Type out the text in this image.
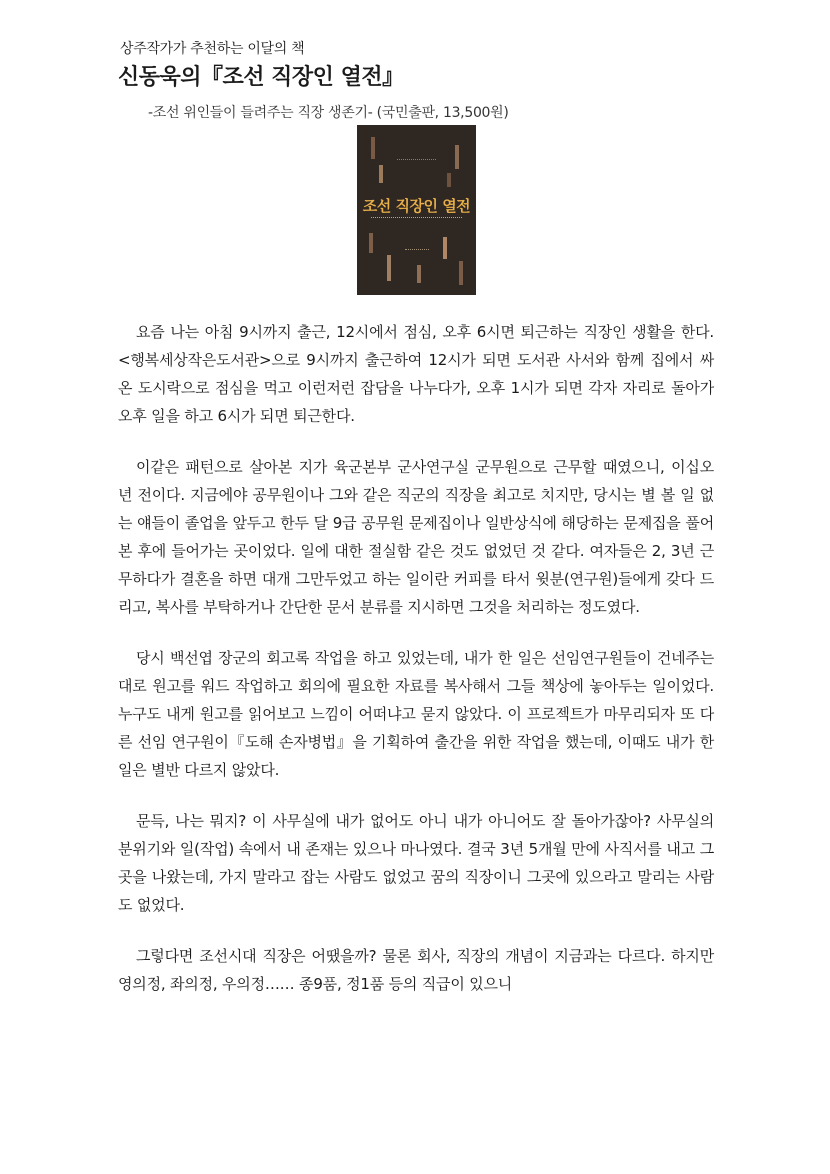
상주작가가 추천하는 이달의 책
신동욱의『조선 직장인 열전』
-조선 위인들이 들려주는 직장 생존기- (국민출판, 13,500원)
조선 직장인 열전

요즘 나는 아침 9시까지 출근, 12시에서 점심, 오후 6시면 퇴근하는 직장인 생활을 한다. <행복세상작은도서관>으로 9시까지 출근하여 12시가 되면 도서관 사서와 함께 집에서 싸 온 도시락으로 점심을 먹고 이런저런 잡담을 나누다가, 오후 1시가 되면 각자 자리로 돌아가 오후 일을 하고 6시가 되면 퇴근한다.

이같은 패턴으로 살아본 지가 육군본부 군사연구실 군무원으로 근무할 때였으니, 이십오 년 전이다. 지금에야 공무원이나 그와 같은 직군의 직장을 최고로 치지만, 당시는 별 볼 일 없는 얘들이 졸업을 앞두고 한두 달 9급 공무원 문제집이나 일반상식에 해당하는 문제집을 풀어본 후에 들어가는 곳이었다. 일에 대한 절실함 같은 것도 없었던 것 같다. 여자들은 2, 3년 근무하다가 결혼을 하면 대개 그만두었고 하는 일이란 커피를 타서 윗분(연구원)들에게 갖다 드리고, 복사를 부탁하거나 간단한 문서 분류를 지시하면 그것을 처리하는 정도였다.

당시 백선엽 장군의 회고록 작업을 하고 있었는데, 내가 한 일은 선임연구원들이 건네주는 대로 원고를 워드 작업하고 회의에 필요한 자료를 복사해서 그들 책상에 놓아두는 일이었다. 누구도 내게 원고를 읽어보고 느낌이 어떠냐고 묻지 않았다. 이 프로젝트가 마무리되자 또 다른 선임 연구원이『도해 손자병법』을 기획하여 출간을 위한 작업을 했는데, 이때도 내가 한 일은 별반 다르지 않았다.

문득, 나는 뭐지? 이 사무실에 내가 없어도 아니 내가 아니어도 잘 돌아가잖아? 사무실의 분위기와 일(작업) 속에서 내 존재는 있으나 마나였다. 결국 3년 5개월 만에 사직서를 내고 그곳을 나왔는데, 가지 말라고 잡는 사람도 없었고 꿈의 직장이니 그곳에 있으라고 말리는 사람도 없었다.

그렇다면 조선시대 직장은 어땠을까? 물론 회사, 직장의 개념이 지금과는 다르다. 하지만 영의정, 좌의정, 우의정…… 종9품, 정1품 등의 직급이 있으니
